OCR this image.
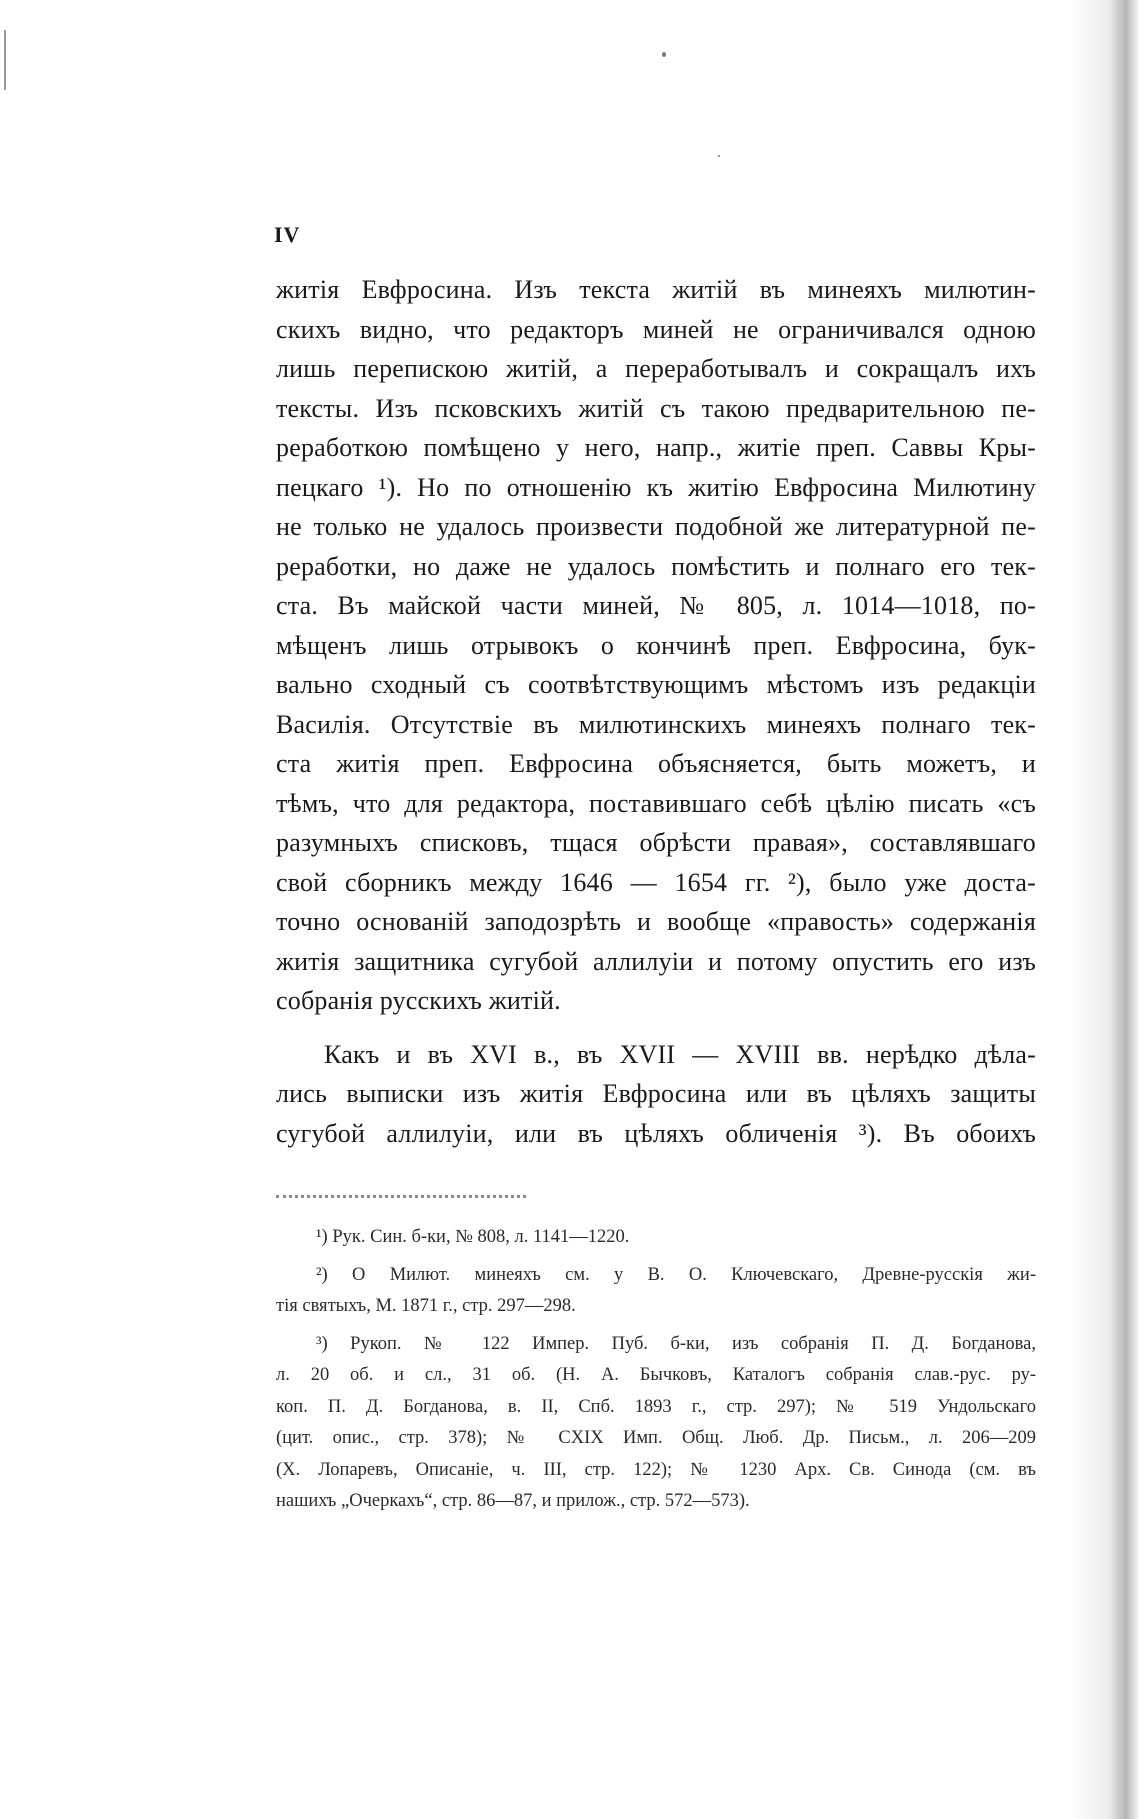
IV
житія Евфросина. Изъ текста житій въ минеяхъ милютин-
скихъ видно, что редакторъ миней не ограничивался одною
лишь перепискою житій, а переработывалъ и сокращалъ ихъ
тексты. Изъ псковскихъ житій съ такою предварительною пе-
реработкою помѣщено у него, напр., житіе преп. Саввы Кры-
пецкаго ¹). Но по отношенію къ житію Евфросина Милютину
не только не удалось произвести подобной же литературной пе-
реработки, но даже не удалось помѣстить и полнаго его тек-
ста. Въ майской части миней, № 805, л. 1014—1018, по-
мѣщенъ лишь отрывокъ о кончинѣ преп. Евфросина, бук-
вально сходный съ соотвѣтствующимъ мѣстомъ изъ редакціи
Василія. Отсутствіе въ милютинскихъ минеяхъ полнаго тек-
ста житія преп. Евфросина объясняется, быть можетъ, и
тѣмъ, что для редактора, поставившаго себѣ цѣлію писать «съ
разумныхъ списковъ, тщася обрѣсти правая», составлявшаго
свой сборникъ между 1646 — 1654 гг. ²), было уже доста-
точно основаній заподозрѣть и вообще «правость» содержанія
житія защитника сугубой аллилуіи и потому опустить его изъ
собранія русскихъ житій.
Какъ и въ XVI в., въ XVII — XVIII вв. нерѣдко дѣла-
лись выписки изъ житія Евфросина или въ цѣляхъ защиты
сугубой аллилуіи, или въ цѣляхъ обличенія ³). Въ обоихъ
¹) Рук. Син. б-ки, № 808, л. 1141—1220.
²) О Милют. минеяхъ см. у В. О. Ключевскаго, Древне-русскія жи-
тія святыхъ, М. 1871 г., стр. 297—298.
³) Рукоп. № 122 Импер. Пуб. б-ки, изъ собранія П. Д. Богданова,
л. 20 об. и сл., 31 об. (Н. А. Бычковъ, Каталогъ собранія слав.-рус. ру-
коп. П. Д. Богданова, в. II, Спб. 1893 г., стр. 297); № 519 Ундольскаго
(цит. опис., стр. 378); № CXIX Имп. Общ. Люб. Др. Письм., л. 206—209
(Х. Лопаревъ, Описаніе, ч. III, стр. 122); № 1230 Арх. Св. Синода (см. въ
нашихъ „Очеркахъ“, стр. 86—87, и прилож., стр. 572—573).
